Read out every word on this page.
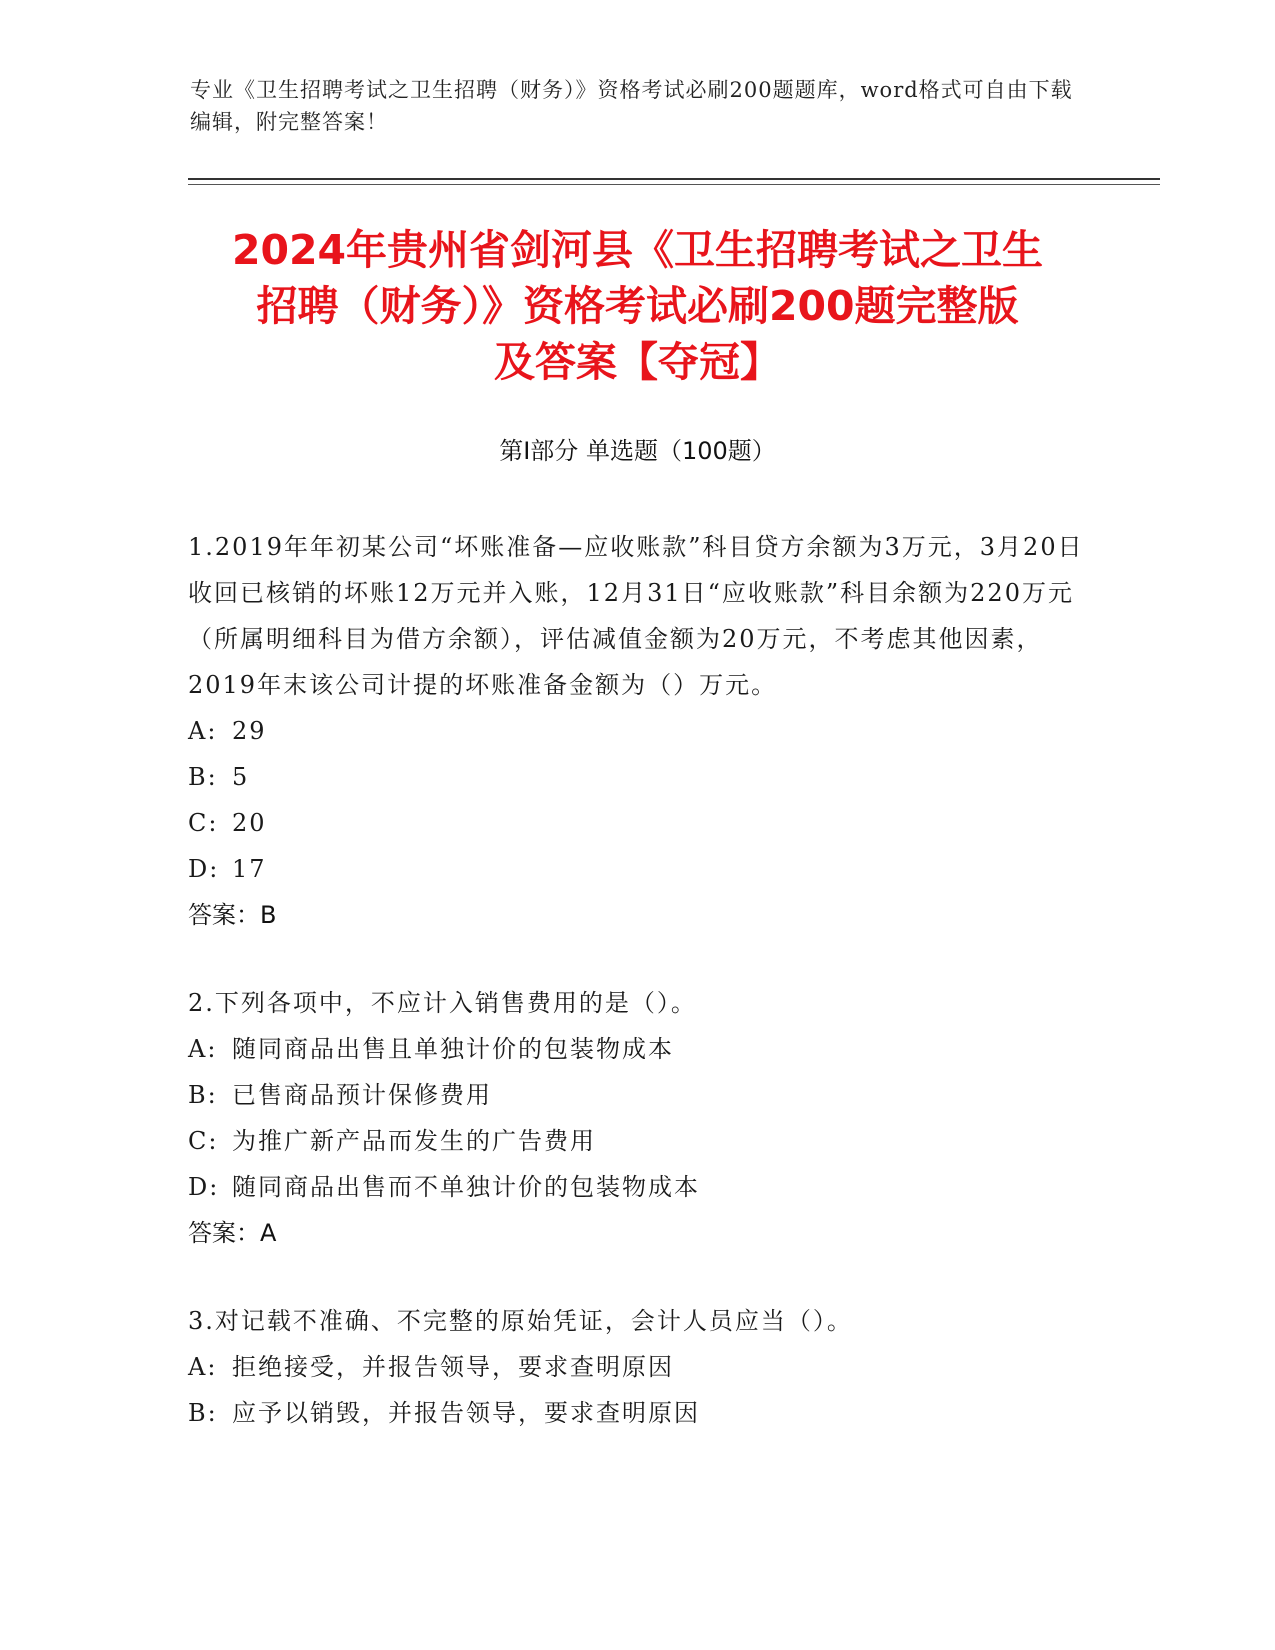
专业《卫生招聘考试之卫生招聘（财务）》资格考试必刷200题题库，word格式可自由下载编辑，附完整答案！
2024年贵州省剑河县《卫生招聘考试之卫生
招聘（财务）》资格考试必刷200题完整版
及答案【夺冠】
第Ⅰ部分 单选题（100题）
1.2019年年初某公司“坏账准备—应收账款”科目贷方余额为3万元，3月20日收回已核销的坏账12万元并入账，12月31日“应收账款”科目余额为220万元（所属明细科目为借方余额），评估减值金额为20万元，不考虑其他因素，2019年末该公司计提的坏账准备金额为（）万元。
A: 29
B: 5
C: 20
D: 17
答案：B
2.下列各项中，不应计入销售费用的是（）。
A: 随同商品出售且单独计价的包装物成本
B: 已售商品预计保修费用
C: 为推广新产品而发生的广告费用
D: 随同商品出售而不单独计价的包装物成本
答案：A
3.对记载不准确、不完整的原始凭证，会计人员应当（）。
A: 拒绝接受，并报告领导，要求查明原因
B: 应予以销毁，并报告领导，要求查明原因
